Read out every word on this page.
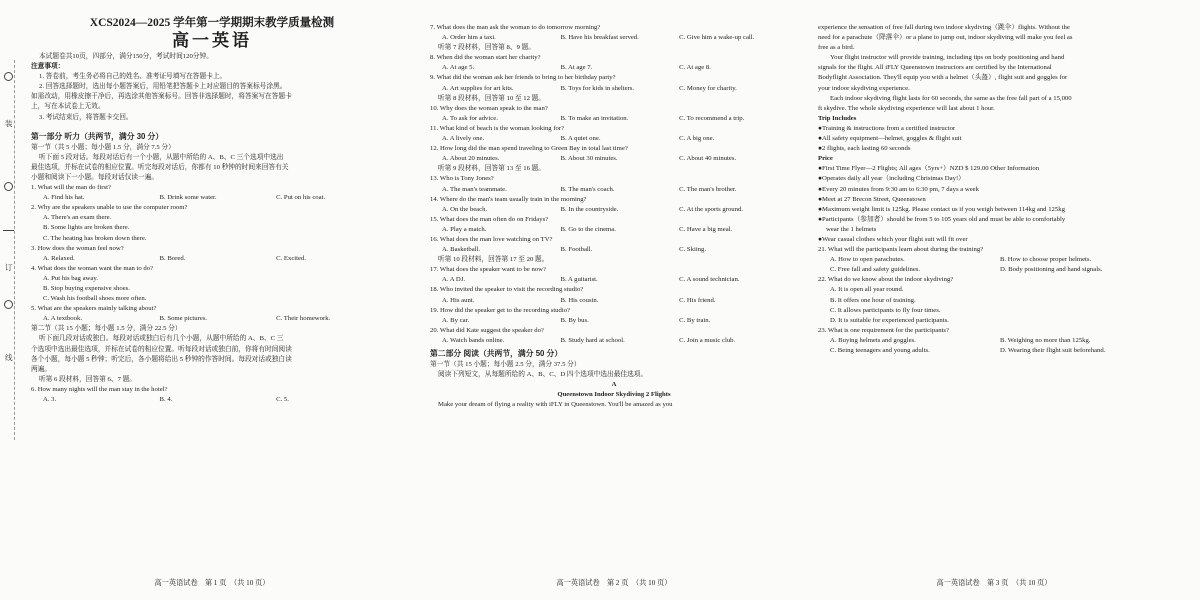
装
订
线
XCS2024—2025 学年第一学期期末教学质量检测
高一英语
本试题卷共10页，四部分，满分150分，考试时间120分钟。
注意事项：
1. 答卷前，考生务必将自己的姓名、准考证号填写在答题卡上。
2. 回答选择题时，选出每小题答案后，用铅笔把答题卡上对应题目的答案标号涂黑。
如需改动，用橡皮擦干净后，再选涂其他答案标号。回答非选择题时，将答案写在答题卡
上，写在本试卷上无效。
3. 考试结束后，将答题卡交回。
第一部分 听力（共两节，满分 30 分）
第一节（共 5 小题；每小题 1.5 分，满分 7.5 分）
听下面 5 段对话。每段对话后有一个小题，从题中所给的 A、B、C 三个选项中选出
最佳选项，并标在试卷的相应位置。听完每段对话后，你都有 10 秒钟的时间来回答有关
小题和阅读下一小题。每段对话仅读一遍。
1. What will the man do first?
A. Find his hat.	B. Drink some water.	C. Put on his coat.
2. Why are the speakers unable to use the computer room?
A. There's an exam there.
B. Some lights are broken there.
C. The heating has broken down there.
3. How does the woman feel now?
A. Relaxed.	B. Bored.	C. Excited.
4. What does the woman want the man to do?
A. Put his bag away.
B. Stop buying expensive shoes.
C. Wash his football shoes more often.
5. What are the speakers mainly talking about?
A. A textbook.	B. Some pictures.	C. Their homework.
第二节（共 15 小题；每小题 1.5 分，满分 22.5 分）
听下面几段对话或独白。每段对话或独白后有几个小题，从题中所给的 A、B、C 三
个选项中选出最佳选项，并标在试卷的相应位置。听每段对话或独白前，你将有时间阅读
各个小题，每小题 5 秒钟；听完后，各小题将给出 5 秒钟的作答时间。每段对话或独白读
两遍。
听第 6 段材料，回答第 6、7 题。
6. How many nights will the man stay in the hotel?
A. 3.	B. 4.	C. 5.
高一英语试卷　第 1 页　（共 10 页）
7. What does the man ask the woman to do tomorrow morning?
A. Order him a taxi.	B. Have his breakfast served.	C. Give him a wake-up call.
听第 7 段材料，回答第 8、9 题。
8. When did the woman start her charity?
A. At age 5.	B. At age 7.	C. At age 8.
9. What did the woman ask her friends to bring to her birthday party?
A. Art supplies for art kits.	B. Toys for kids in shelters.	C. Money for charity.
听第 8 段材料，回答第 10 至 12 题。
10. Why does the woman speak to the man?
A. To ask for advice.	B. To make an invitation.	C. To recommend a trip.
11. What kind of beach is the woman looking for?
A. A lively one.	B. A quiet one.	C. A big one.
12. How long did the man spend traveling to Green Bay in total last time?
A. About 20 minutes.	B. About 30 minutes.	C. About 40 minutes.
听第 9 段材料，回答第 13 至 16 题。
13. Who is Tony Jones?
A. The man's teammate.	B. The man's coach.	C. The man's brother.
14. Where do the man's team usually train in the morning?
A. On the beach.	B. In the countryside.	C. At the sports ground.
15. What does the man often do on Fridays?
A. Play a match.	B. Go to the cinema.	C. Have a big meal.
16. What does the man love watching on TV?
A. Basketball.	B. Football.	C. Skiing.
听第 10 段材料，回答第 17 至 20 题。
17. What does the speaker want to be now?
A. A DJ.	B. A guitarist.	C. A sound technician.
18. Who invited the speaker to visit the recording studio?
A. His aunt.	B. His cousin.	C. His friend.
19. How did the speaker get to the recording studio?
A. By car.	B. By bus.	C. By train.
20. What did Kate suggest the speaker do?
A. Watch bands online.	B. Study hard at school.	C. Join a music club.
第二部分 阅读（共两节，满分 50 分）
第一节（共 15 小题；每小题 2.5 分，满分 37.5 分）
阅读下列短文，从每题所给的 A、B、C、D 四个选项中选出最佳选项。
A
Queenstown Indoor Skydiving 2 Flights
Make your dream of flying a reality with iFLY in Queenstown. You'll be amazed as you
高一英语试卷　第 2 页　（共 10 页）
experience the sensation of free fall during two indoor skydiving（跳伞）flights. Without the
need for a parachute（降落伞）or a plane to jump out, indoor skydiving will make you feel as
free as a bird.
Your flight instructor will provide training, including tips on body positioning and hand
signals for the flight. All iFLY Queenstown instructors are certified by the International
Bodyflight Association. They'll equip you with a helmet（头盔）, flight suit and goggles for
your indoor skydiving experience.
Each indoor skydiving flight lasts for 60 seconds, the same as the free fall part of a 15,000
ft skydive. The whole skydiving experience will last about 1 hour.
Trip Includes
●Training & instructions from a certified instructor
●All safety equipment—helmet, goggles & flight suit
●2 flights, each lasting 60 seconds
Price
●First Time Flyer—2 Flights; All ages（5yrs+）NZD $ 129.00 Other Information
●Operates daily all year（including Christmas Day!）
●Every 20 minutes from 9:30 am to 6:30 pm, 7 days a week
●Meet at 27 Brecon Street, Queenstown
●Maximum weight limit is 125kg. Please contact us if you weigh between 114kg and 125kg
●Participants（参加者）should be from 5 to 105 years old and must be able to comfortably
wear the 1 helmets
●Wear casual clothes which your flight suit will fit over
21. What will the participants learn about during the training?
A. How to open parachutes.	B. How to choose proper helmets.
C. Free fall and safety guidelines.	D. Body positioning and hand signals.
22. What do we know about the indoor skydiving?
A. It is open all year round.
B. It offers one hour of training.
C. It allows participants to fly four times.
D. It is suitable for experienced participants.
23. What is one requirement for the participants?
A. Buying helmets and goggles.	B. Weighing no more than 125kg.
C. Being teenagers and young adults.	D. Wearing their flight suit beforehand.
高一英语试卷　第 3 页　（共 10 页）
